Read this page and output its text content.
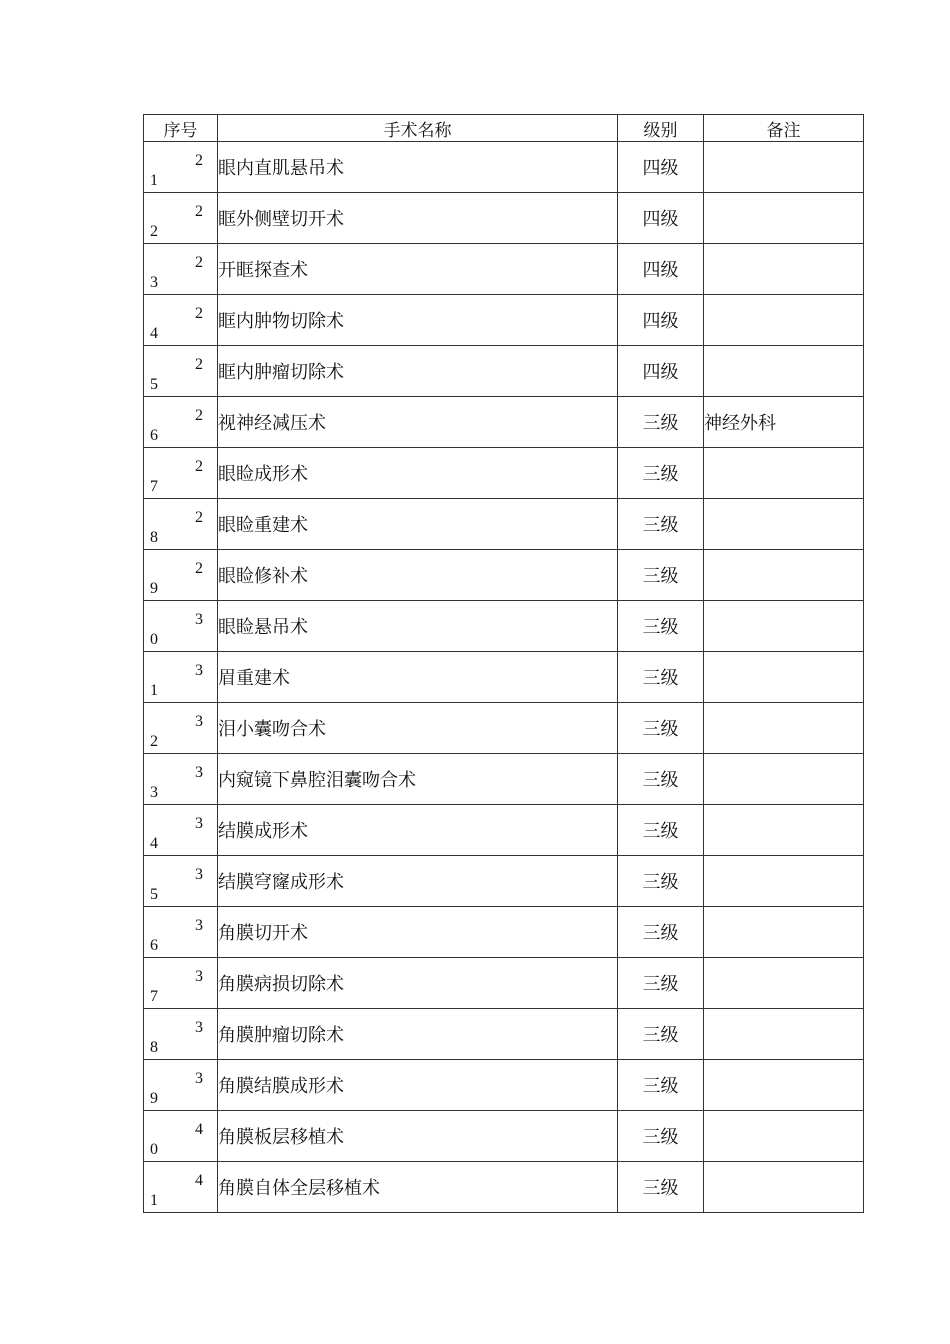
序号	手术名称	级别	备注

2
1	眼内直肌悬吊术	四级	

2
2	眶外侧壁切开术	四级	

2
3	开眶探查术	四级	

2
4	眶内肿物切除术	四级	

2
5	眶内肿瘤切除术	四级	

2
6	视神经减压术	三级	神经外科

2
7	眼睑成形术	三级	

2
8	眼睑重建术	三级	

2
9	眼睑修补术	三级	

3
0	眼睑悬吊术	三级	

3
1	眉重建术	三级	

3
2	泪小囊吻合术	三级	

3
3	内窥镜下鼻腔泪囊吻合术	三级	

3
4	结膜成形术	三级	

3
5	结膜穹窿成形术	三级	

3
6	角膜切开术	三级	

3
7	角膜病损切除术	三级	

3
8	角膜肿瘤切除术	三级	

3
9	角膜结膜成形术	三级	

4
0	角膜板层移植术	三级	

4
1	角膜自体全层移植术	三级	
